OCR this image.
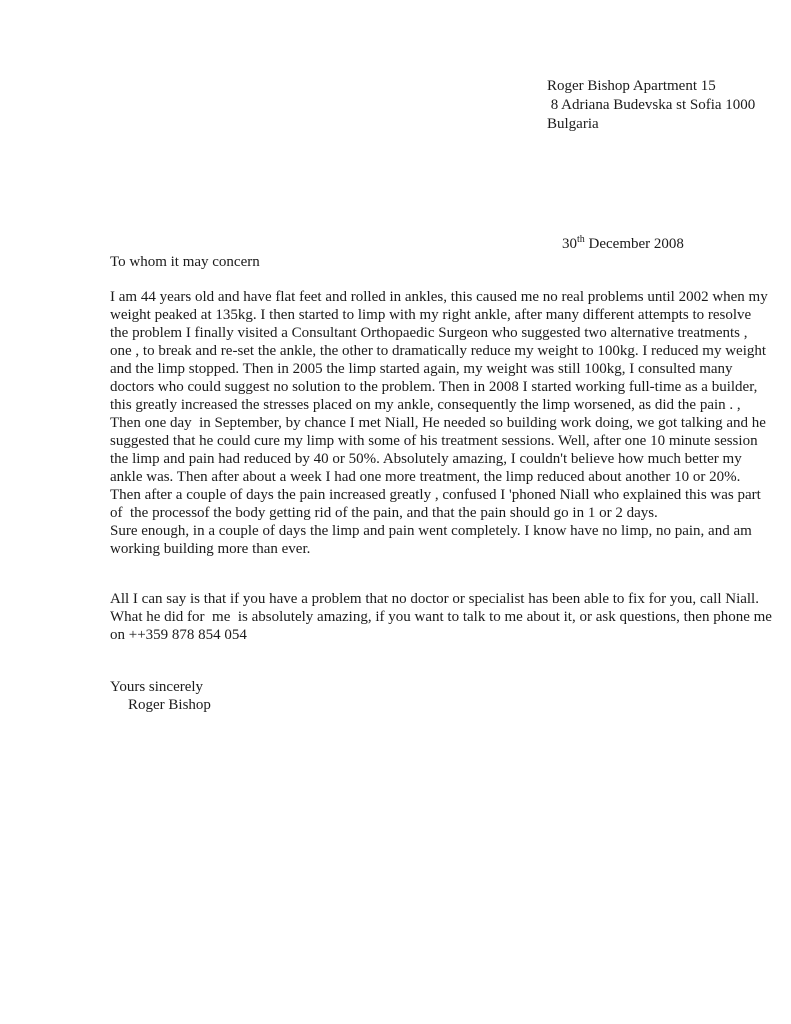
Roger Bishop Apartment 15
8 Adriana Budevska st Sofia 1000
Bulgaria
30th December 2008
To whom it may concern
I am 44 years old and have flat feet and rolled in ankles, this caused me no real problems until 2002 when my
weight peaked at 135kg. I then started to limp with my right ankle, after many different attempts to resolve
the problem I finally visited a Consultant Orthopaedic Surgeon who suggested two alternative treatments ,
one , to break and re-set the ankle, the other to dramatically reduce my weight to 100kg. I reduced my weight
and the limp stopped. Then in 2005 the limp started again, my weight was still 100kg, I consulted many
doctors who could suggest no solution to the problem. Then in 2008 I started working full-time as a builder,
this greatly increased the stresses placed on my ankle, consequently the limp worsened, as did the pain . ,
Then one day  in September, by chance I met Niall, He needed so building work doing, we got talking and he
suggested that he could cure my limp with some of his treatment sessions. Well, after one 10 minute session
the limp and pain had reduced by 40 or 50%. Absolutely amazing, I couldn't believe how much better my
ankle was. Then after about a week I had one more treatment, the limp reduced about another 10 or 20%.
Then after a couple of days the pain increased greatly , confused I 'phoned Niall who explained this was part
of  the processof the body getting rid of the pain, and that the pain should go in 1 or 2 days.
Sure enough, in a couple of days the limp and pain went completely. I know have no limp, no pain, and am
working building more than ever.
All I can say is that if you have a problem that no doctor or specialist has been able to fix for you, call Niall.
What he did for  me  is absolutely amazing, if you want to talk to me about it, or ask questions, then phone me
on ++359 878 854 054
Yours sincerely
Roger Bishop
